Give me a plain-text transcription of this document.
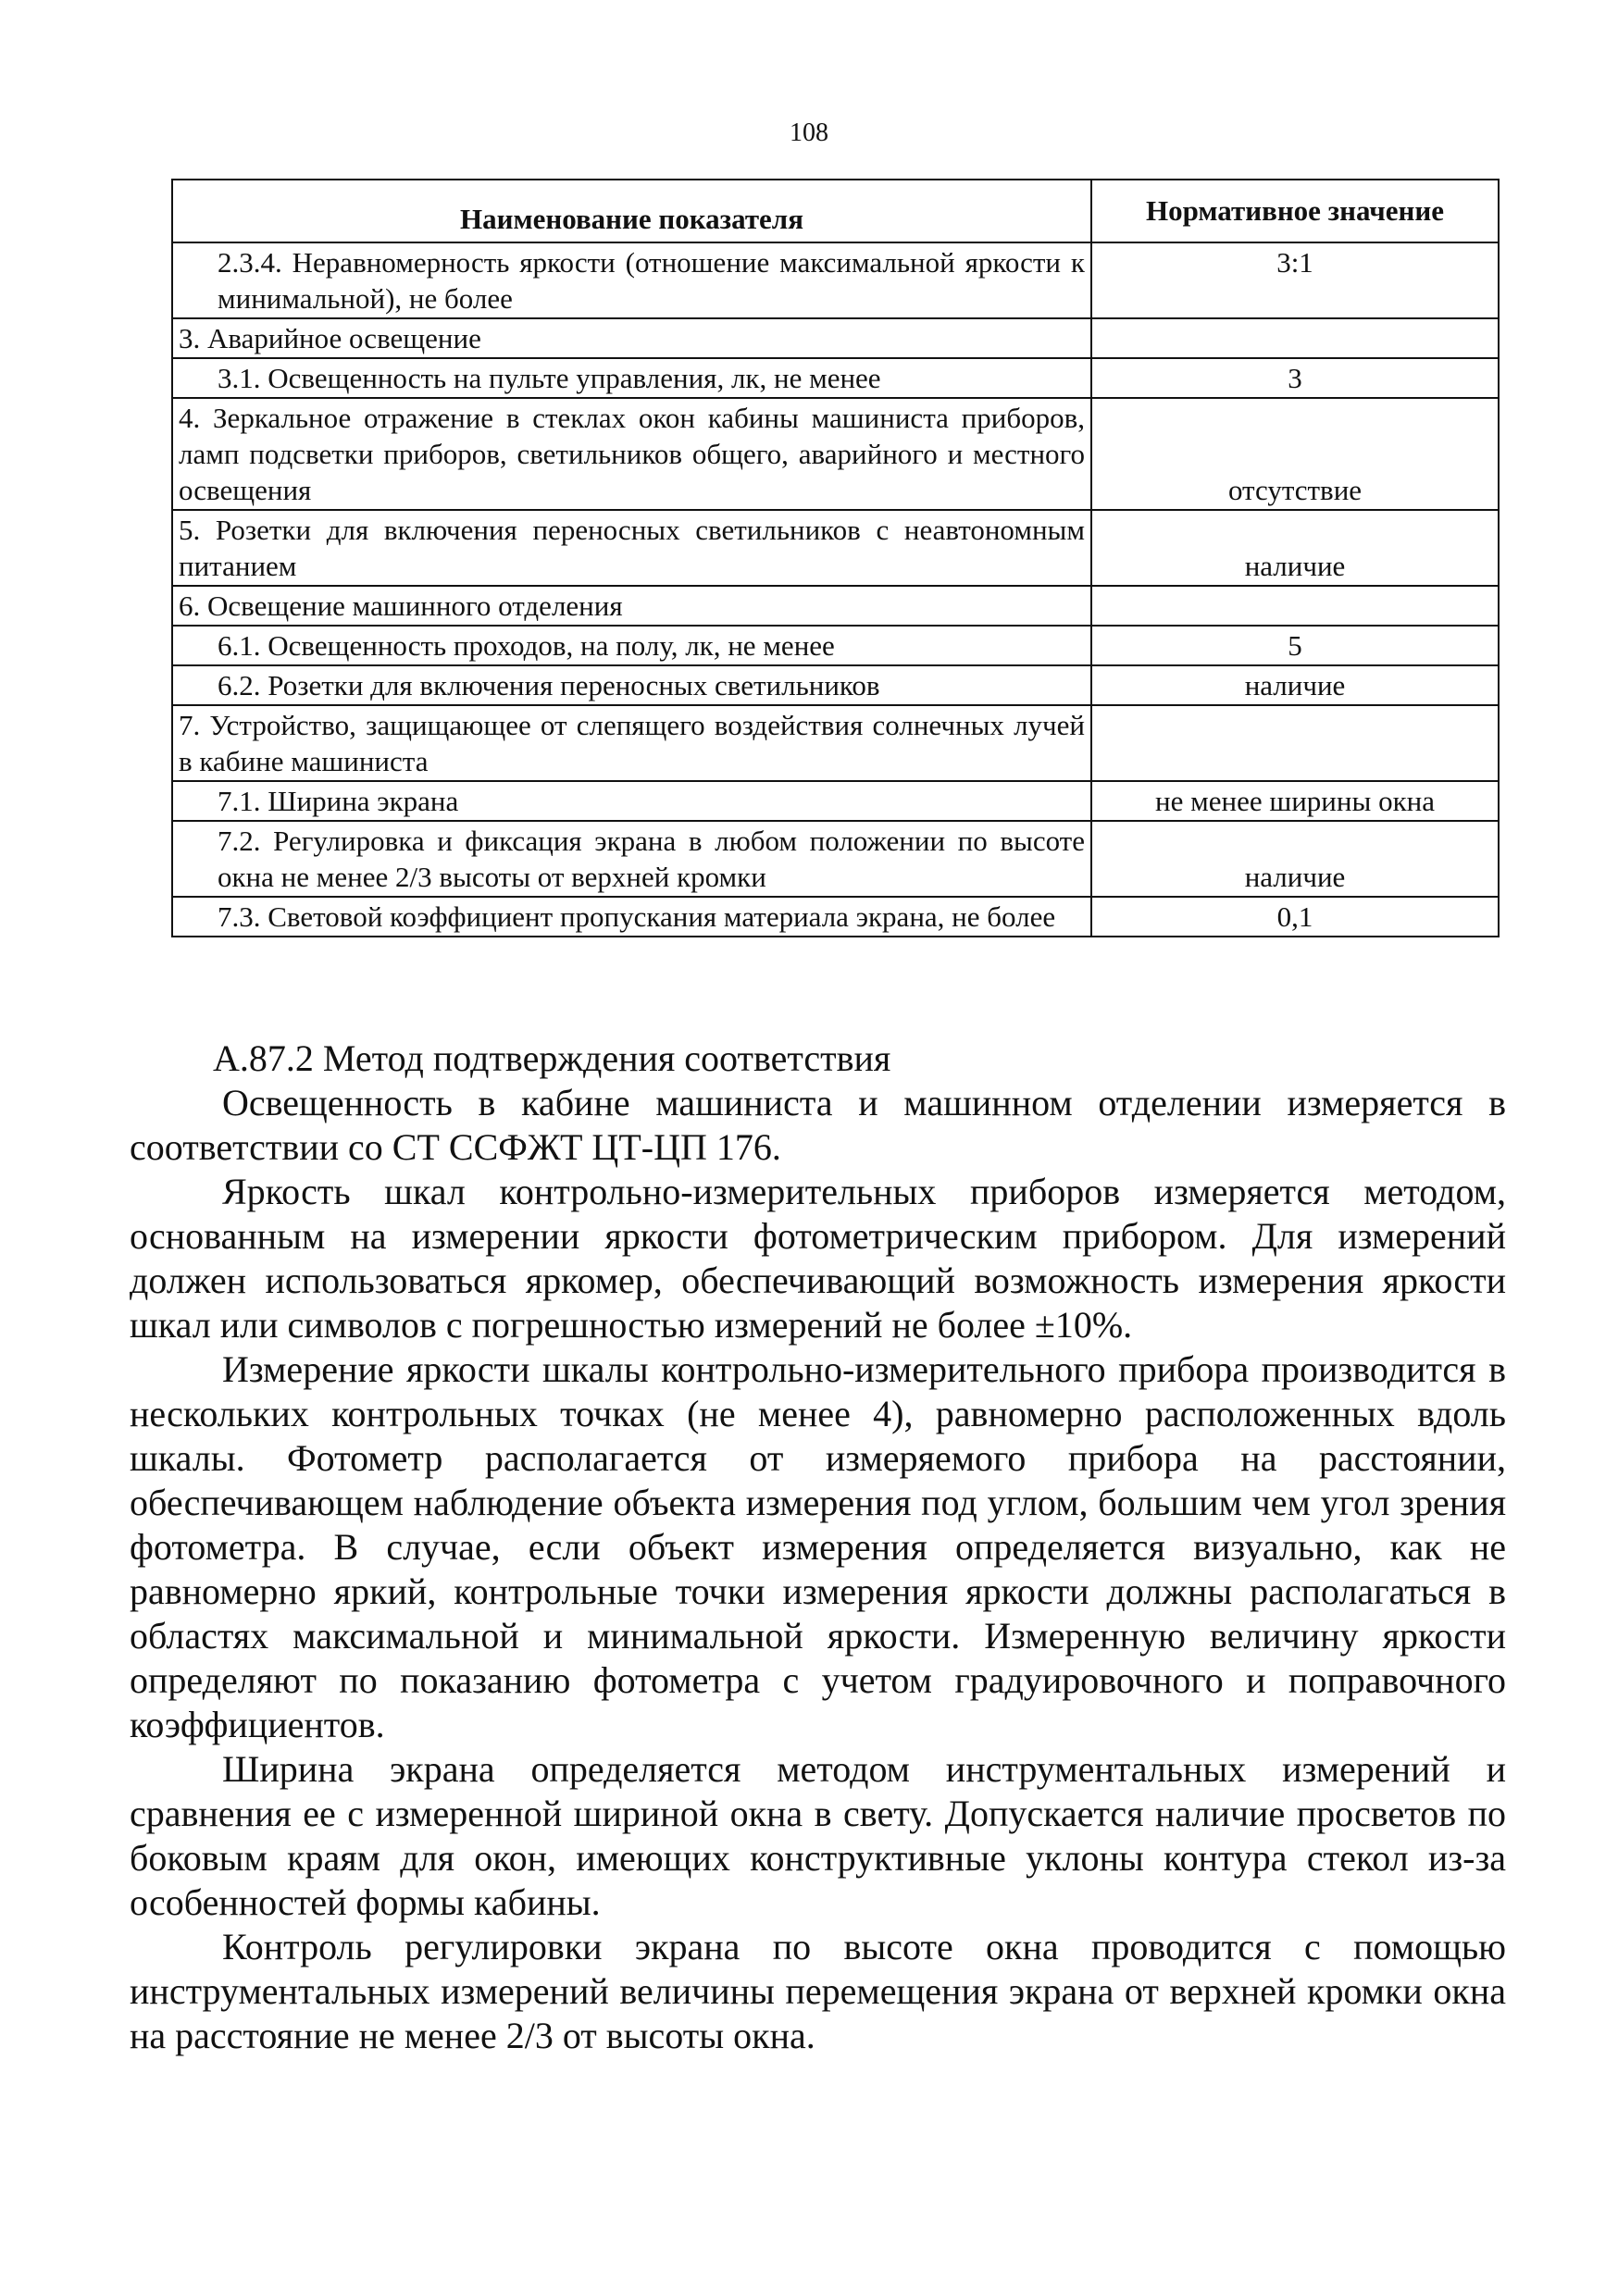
108
Наименование показателя	Нормативное значение
2.3.4. Неравномерность яркости (отношение максимальной яркости к минимальной), не более	3:1
3. Аварийное освещение	
3.1. Освещенность на пульте управления, лк, не менее	3
4. Зеркальное отражение в стеклах окон кабины машиниста приборов, ламп подсветки приборов, светильников общего, аварийного и местного освещения	отсутствие
5. Розетки для включения переносных светильников с неавтономным питанием	наличие
6. Освещение машинного отделения	
6.1. Освещенность проходов, на полу, лк, не менее	5
6.2. Розетки для включения переносных светильников	наличие
7. Устройство, защищающее от слепящего воздействия солнечных лучей в кабине машиниста	
7.1. Ширина экрана	не менее ширины окна
7.2. Регулировка и фиксация экрана в любом положении по высоте окна не менее 2/3 высоты от верхней кромки	наличие
7.3. Световой коэффициент пропускания материала экрана, не более	0,1

А.87.2 Метод подтверждения соответствия

Освещенность в кабине машиниста и машинном отделении измеряется в соответствии со СТ ССФЖТ ЦТ-ЦП 176.

Яркость шкал контрольно-измерительных приборов измеряется методом, основанным на измерении яркости фотометрическим прибором. Для измерений должен использоваться яркомер, обеспечивающий возможность измерения яркости шкал или символов с погрешностью измерений не более ±10%.

Измерение яркости шкалы контрольно-измерительного прибора производится в нескольких контрольных точках (не менее 4), равномерно расположенных вдоль шкалы. Фотометр располагается от измеряемого прибора на расстоянии, обеспечивающем наблюдение объекта измерения под углом, большим чем угол зрения фотометра. В случае, если объект измерения определяется визуально, как не равномерно яркий, контрольные точки измерения яркости должны располагаться в областях максимальной и минимальной яркости. Измеренную величину яркости определяют по показанию фотометра с учетом градуировочного и поправочного коэффициентов.

Ширина экрана определяется методом инструментальных измерений и сравнения ее с измеренной шириной окна в свету. Допускается наличие просветов по боковым краям для окон, имеющих конструктивные уклоны контура стекол из-за особенностей формы кабины.

Контроль регулировки экрана по высоте окна проводится с помощью инструментальных измерений величины перемещения экрана от верхней кромки окна на расстояние не менее 2/3 от высоты окна.
